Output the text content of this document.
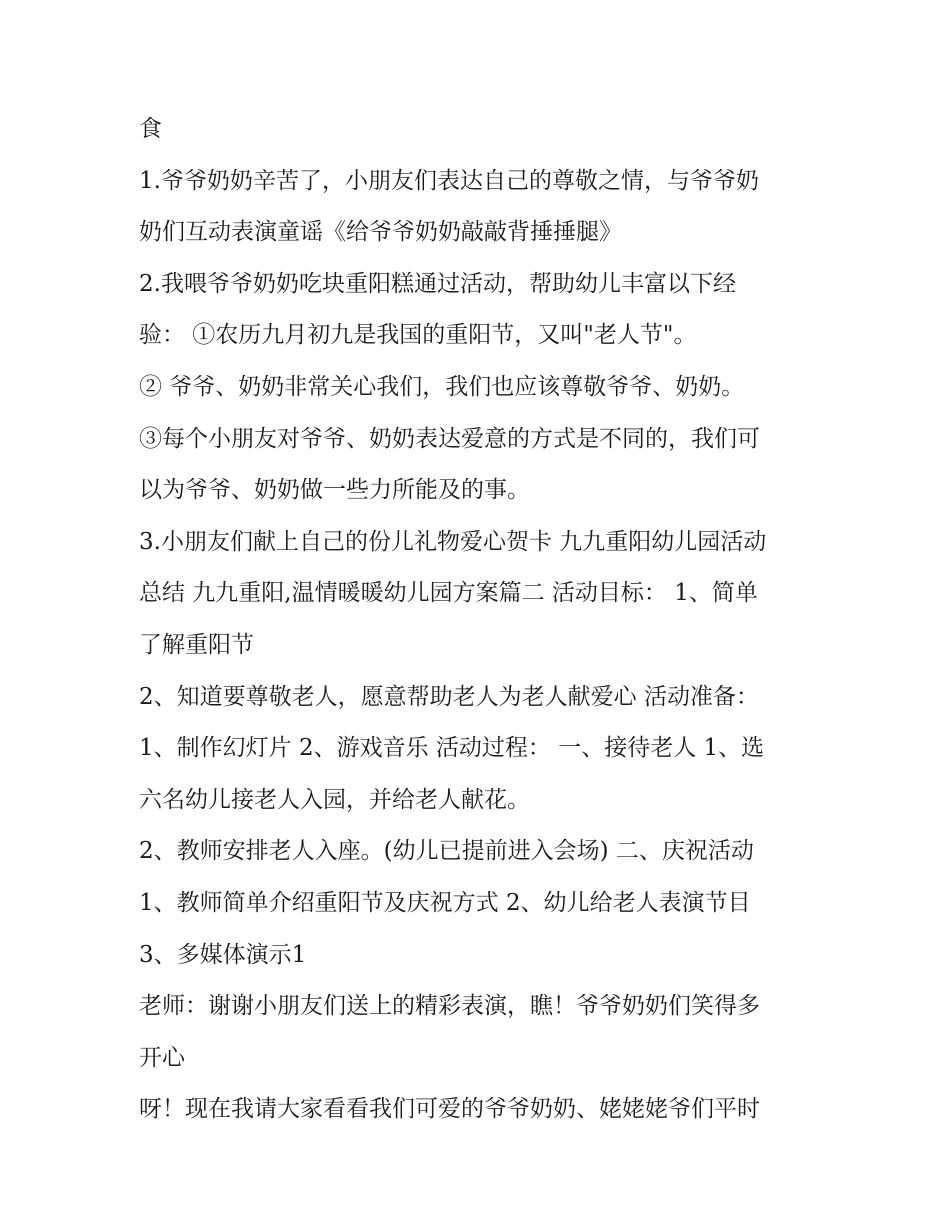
食
1.爷爷奶奶辛苦了，小朋友们表达自己的尊敬之情，与爷爷奶
奶们互动表演童谣《给爷爷奶奶敲敲背捶捶腿》
2.我喂爷爷奶奶吃块重阳糕通过活动，帮助幼儿丰富以下经
验： ①农历九月初九是我国的重阳节，又叫"老人节"。
② 爷爷、奶奶非常关心我们，我们也应该尊敬爷爷、奶奶。
③每个小朋友对爷爷、奶奶表达爱意的方式是不同的，我们可
以为爷爷、奶奶做一些力所能及的事。
3.小朋友们献上自己的份儿礼物爱心贺卡 九九重阳幼儿园活动
总结 九九重阳,温情暖暖幼儿园方案篇二 活动目标： 1、简单
了解重阳节
2、知道要尊敬老人，愿意帮助老人为老人献爱心 活动准备：
1、制作幻灯片 2、游戏音乐 活动过程： 一、接待老人 1、选
六名幼儿接老人入园，并给老人献花。
2、教师安排老人入座。(幼儿已提前进入会场) 二、庆祝活动
1、教师简单介绍重阳节及庆祝方式 2、幼儿给老人表演节目
3、多媒体演示1
老师：谢谢小朋友们送上的精彩表演，瞧！爷爷奶奶们笑得多
开心
呀！现在我请大家看看我们可爱的爷爷奶奶、姥姥姥爷们平时
